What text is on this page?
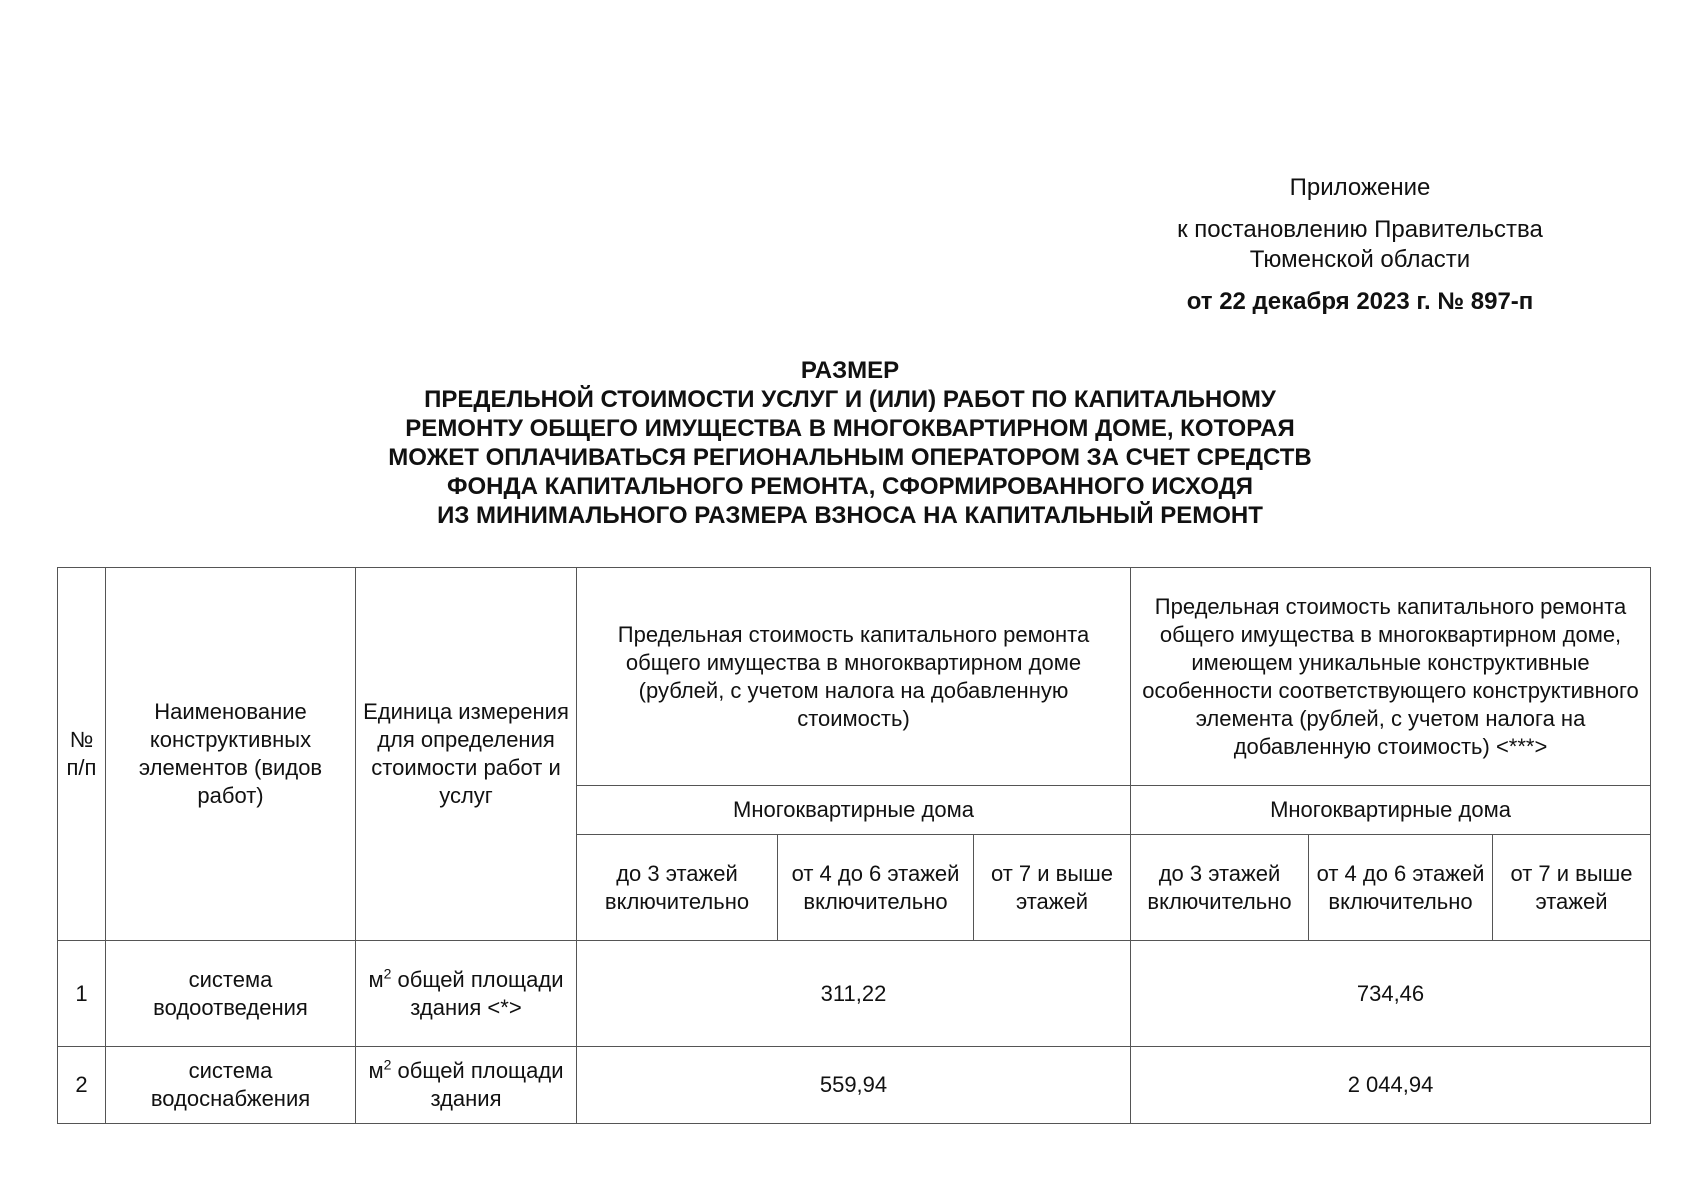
Приложение
к постановлению Правительства
Тюменской области
от 22 декабря 2023 г. № 897-п
РАЗМЕР
ПРЕДЕЛЬНОЙ СТОИМОСТИ УСЛУГ И (ИЛИ) РАБОТ ПО КАПИТАЛЬНОМУ
РЕМОНТУ ОБЩЕГО ИМУЩЕСТВА В МНОГОКВАРТИРНОМ ДОМЕ, КОТОРАЯ
МОЖЕТ ОПЛАЧИВАТЬСЯ РЕГИОНАЛЬНЫМ ОПЕРАТОРОМ ЗА СЧЕТ СРЕДСТВ
ФОНДА КАПИТАЛЬНОГО РЕМОНТА, СФОРМИРОВАННОГО ИСХОДЯ
ИЗ МИНИМАЛЬНОГО РАЗМЕРА ВЗНОСА НА КАПИТАЛЬНЫЙ РЕМОНТ
№ п/п	Наименование конструктивных элементов (видов работ)	Единица измерения для определения стоимости работ и услуг	Предельная стоимость капитального ремонта общего имущества в многоквартирном доме (рублей, с учетом налога на добавленную стоимость)			Предельная стоимость капитального ремонта общего имущества в многоквартирном доме, имеющем уникальные конструктивные особенности соответствующего конструктивного элемента (рублей, с учетом налога на добавленную стоимость) <***>		
			Многоквартирные дома			Многоквартирные дома		
			до 3 этажей включительно	от 4 до 6 этажей включительно	от 7 и выше этажей	до 3 этажей включительно	от 4 до 6 этажей включительно	от 7 и выше этажей
1	система водоотведения	$м^2$ общей площади здания <*>	311,22			734,46		
2	система водоснабжения	$м^2$ общей площади здания	559,94			2 044,94		
